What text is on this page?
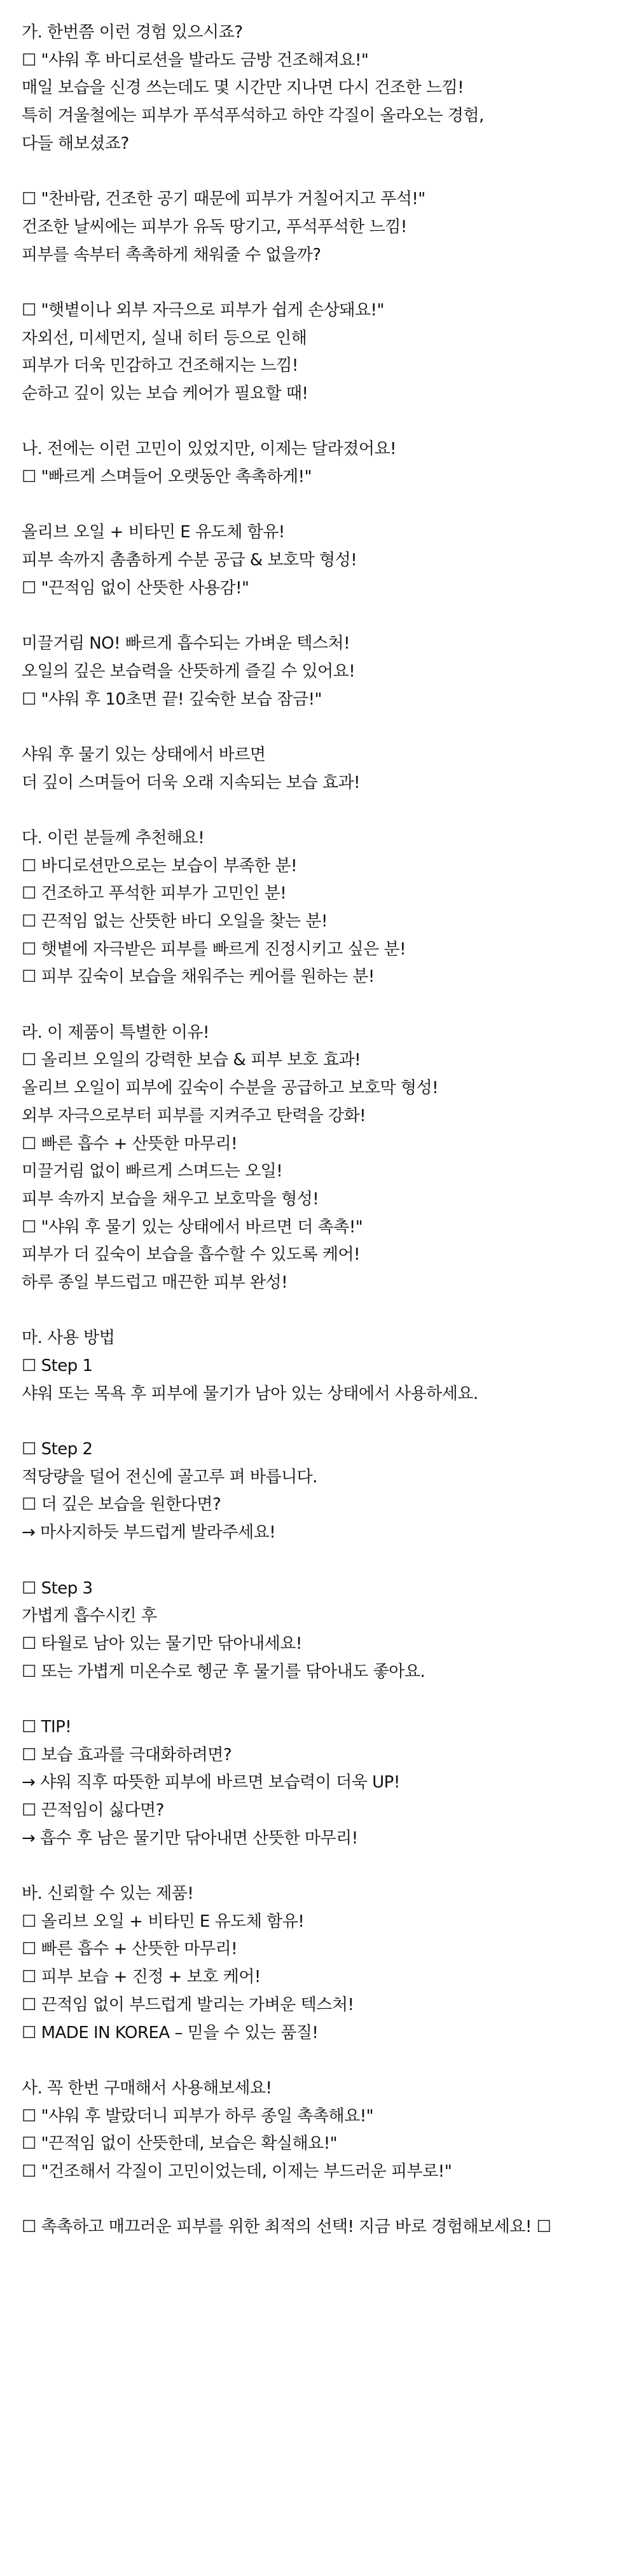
가. 한번쯤 이런 경험 있으시죠?
☐ "샤워 후 바디로션을 발라도 금방 건조해져요!"
매일 보습을 신경 쓰는데도 몇 시간만 지나면 다시 건조한 느낌!
특히 겨울철에는 피부가 푸석푸석하고 하얀 각질이 올라오는 경험,
다들 해보셨죠?
☐ "찬바람, 건조한 공기 때문에 피부가 거칠어지고 푸석!"
건조한 날씨에는 피부가 유독 땅기고, 푸석푸석한 느낌!
피부를 속부터 촉촉하게 채워줄 수 없을까?
☐ "햇볕이나 외부 자극으로 피부가 쉽게 손상돼요!"
자외선, 미세먼지, 실내 히터 등으로 인해
피부가 더욱 민감하고 건조해지는 느낌!
순하고 깊이 있는 보습 케어가 필요할 때!
나. 전에는 이런 고민이 있었지만, 이제는 달라졌어요!
☐ "빠르게 스며들어 오랫동안 촉촉하게!"
올리브 오일 + 비타민 E 유도체 함유!
피부 속까지 촘촘하게 수분 공급 & 보호막 형성!
☐ "끈적임 없이 산뜻한 사용감!"
미끌거림 NO! 빠르게 흡수되는 가벼운 텍스처!
오일의 깊은 보습력을 산뜻하게 즐길 수 있어요!
☐ "샤워 후 10초면 끝! 깊숙한 보습 잠금!"
샤워 후 물기 있는 상태에서 바르면
더 깊이 스며들어 더욱 오래 지속되는 보습 효과!
다. 이런 분들께 추천해요!
☐ 바디로션만으로는 보습이 부족한 분!
☐ 건조하고 푸석한 피부가 고민인 분!
☐ 끈적임 없는 산뜻한 바디 오일을 찾는 분!
☐ 햇볕에 자극받은 피부를 빠르게 진정시키고 싶은 분!
☐ 피부 깊숙이 보습을 채워주는 케어를 원하는 분!
라. 이 제품이 특별한 이유!
☐ 올리브 오일의 강력한 보습 & 피부 보호 효과!
올리브 오일이 피부에 깊숙이 수분을 공급하고 보호막 형성!
외부 자극으로부터 피부를 지켜주고 탄력을 강화!
☐ 빠른 흡수 + 산뜻한 마무리!
미끌거림 없이 빠르게 스며드는 오일!
피부 속까지 보습을 채우고 보호막을 형성!
☐ "샤워 후 물기 있는 상태에서 바르면 더 촉촉!"
피부가 더 깊숙이 보습을 흡수할 수 있도록 케어!
하루 종일 부드럽고 매끈한 피부 완성!
마. 사용 방법
☐ Step 1
샤워 또는 목욕 후 피부에 물기가 남아 있는 상태에서 사용하세요.
☐ Step 2
적당량을 덜어 전신에 골고루 펴 바릅니다.
☐ 더 깊은 보습을 원한다면?
→ 마사지하듯 부드럽게 발라주세요!
☐ Step 3
가볍게 흡수시킨 후
☐ 타월로 남아 있는 물기만 닦아내세요!
☐ 또는 가볍게 미온수로 헹군 후 물기를 닦아내도 좋아요.
☐ TIP!
☐ 보습 효과를 극대화하려면?
→ 샤워 직후 따뜻한 피부에 바르면 보습력이 더욱 UP!
☐ 끈적임이 싫다면?
→ 흡수 후 남은 물기만 닦아내면 산뜻한 마무리!
바. 신뢰할 수 있는 제품!
☐ 올리브 오일 + 비타민 E 유도체 함유!
☐ 빠른 흡수 + 산뜻한 마무리!
☐ 피부 보습 + 진정 + 보호 케어!
☐ 끈적임 없이 부드럽게 발리는 가벼운 텍스처!
☐ MADE IN KOREA – 믿을 수 있는 품질!
사. 꼭 한번 구매해서 사용해보세요!
☐ "샤워 후 발랐더니 피부가 하루 종일 촉촉해요!"
☐ "끈적임 없이 산뜻한데, 보습은 확실해요!"
☐ "건조해서 각질이 고민이었는데, 이제는 부드러운 피부로!"
☐ 촉촉하고 매끄러운 피부를 위한 최적의 선택! 지금 바로 경험해보세요! ☐
